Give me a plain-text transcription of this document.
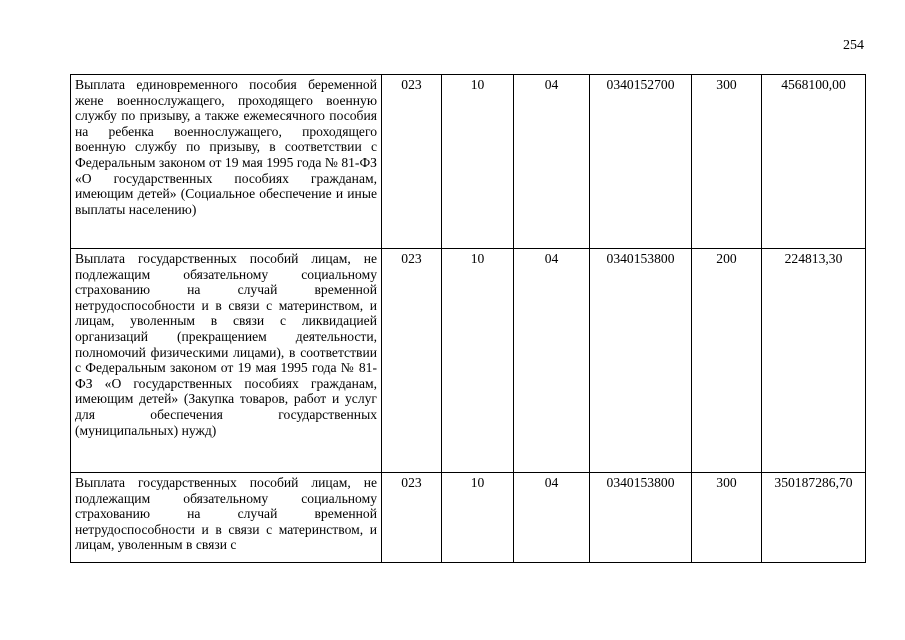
254
Выплата единовременного пособия беременной жене военнослужащего, проходящего военную службу по призыву, а также ежемесячного пособия на ребенка военнослужащего, проходящего военную службу по призыву, в соответствии с Федеральным законом от 19 мая 1995 года № 81-ФЗ «О государственных пособиях гражданам, имеющим детей» (Социальное обеспечение и иные выплаты населению)	023	10	04	0340152700	300	4568100,00
Выплата государственных пособий лицам, не подлежащим обязательному социальному страхованию на случай временной нетрудоспособности и в связи с материнством, и лицам, уволенным в связи с ликвидацией организаций (прекращением деятельности, полномочий физическими лицами), в соответствии с Федеральным законом от 19 мая 1995 года № 81-ФЗ «О государственных пособиях гражданам, имеющим детей» (Закупка товаров, работ и услуг для обеспечения государственных (муниципальных) нужд)	023	10	04	0340153800	200	224813,30
Выплата государственных пособий лицам, не подлежащим обязательному социальному страхованию на случай временной нетрудоспособности и в связи с материнством, и лицам, уволенным в связи с	023	10	04	0340153800	300	350187286,70
